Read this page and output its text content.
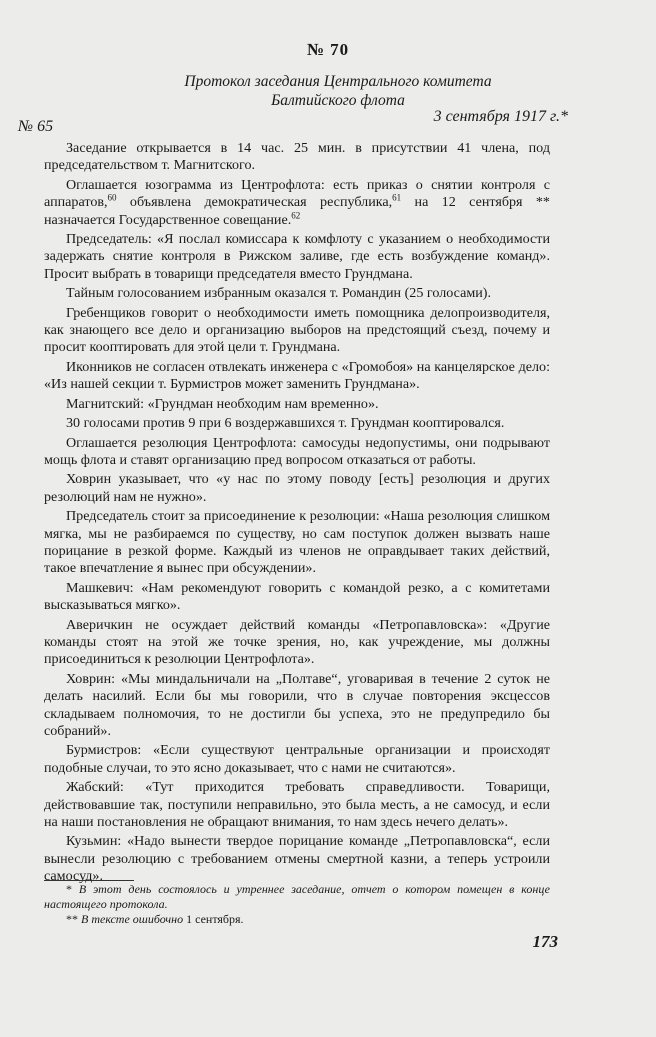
№ 70
Протокол заседания Центрального комитета
Балтийского флота
№ 65
3 сентября 1917 г.*

Заседание открывается в 14 час. 25 мин. в присутствии 41 члена, под председательством т. Магнитского.

Оглашается юзограмма из Центрофлота: есть приказ о снятии контроля с аппаратов,$^{60}$ объявлена демократическая республика,$^{61}$ на 12 сентября ** назначается Государственное совещание.$^{62}$

Председатель: «Я послал комиссара к комфлоту с указанием о необходимости задержать снятие контроля в Рижском заливе, где есть возбуждение команд». Просит выбрать в товарищи председателя вместо Грундмана.

Тайным голосованием избранным оказался т. Романдин (25 голосами).

Гребенщиков говорит о необходимости иметь помощника делопроизводителя, как знающего все дело и организацию выборов на предстоящий съезд, почему и просит кооптировать для этой цели т. Грундмана.

Иконников не согласен отвлекать инженера с «Громобоя» на канцелярское дело: «Из нашей секции т. Бурмистров может заменить Грундмана».

Магнитский: «Грундман необходим нам временно».

30 голосами против 9 при 6 воздержавшихся т. Грундман кооптировался.

Оглашается резолюция Центрофлота: самосуды недопустимы, они подрывают мощь флота и ставят организацию пред вопросом отказаться от работы.

Ховрин указывает, что «у нас по этому поводу [есть] резолюция и других резолюций нам не нужно».

Председатель стоит за присоединение к резолюции: «Наша резолюция слишком мягка, мы не разбираемся по существу, но сам поступок должен вызвать наше порицание в резкой форме. Каждый из членов не оправдывает таких действий, такое впечатление я вынес при обсуждении».

Машкевич: «Нам рекомендуют говорить с командой резко, а с комитетами высказываться мягко».

Аверичкин не осуждает действий команды «Петропавловска»: «Другие команды стоят на этой же точке зрения, но, как учреждение, мы должны присоединиться к резолюции Центрофлота».

Ховрин: «Мы миндальничали на „Полтаве“, уговаривая в течение 2 суток не делать насилий. Если бы мы говорили, что в случае повторения эксцессов складываем полномочия, то не достигли бы успеха, это не предупредило бы собраний».

Бурмистров: «Если существуют центральные организации и происходят подобные случаи, то это ясно доказывает, что с нами не считаются».

Жабский: «Тут приходится требовать справедливости. Товарищи, действовавшие так, поступили неправильно, это была месть, а не самосуд, и если на наши постановления не обращают внимания, то нам здесь нечего делать».

Кузьмин: «Надо вынести твердое порицание команде „Петропавловска“, если вынесли резолюцию с требованием отмены смертной казни, а теперь устроили самосуд».

* В этот день состоялось и утреннее заседание, отчет о котором помещен в конце настоящего протокола.

** В тексте ошибочно 1 сентября.

173
